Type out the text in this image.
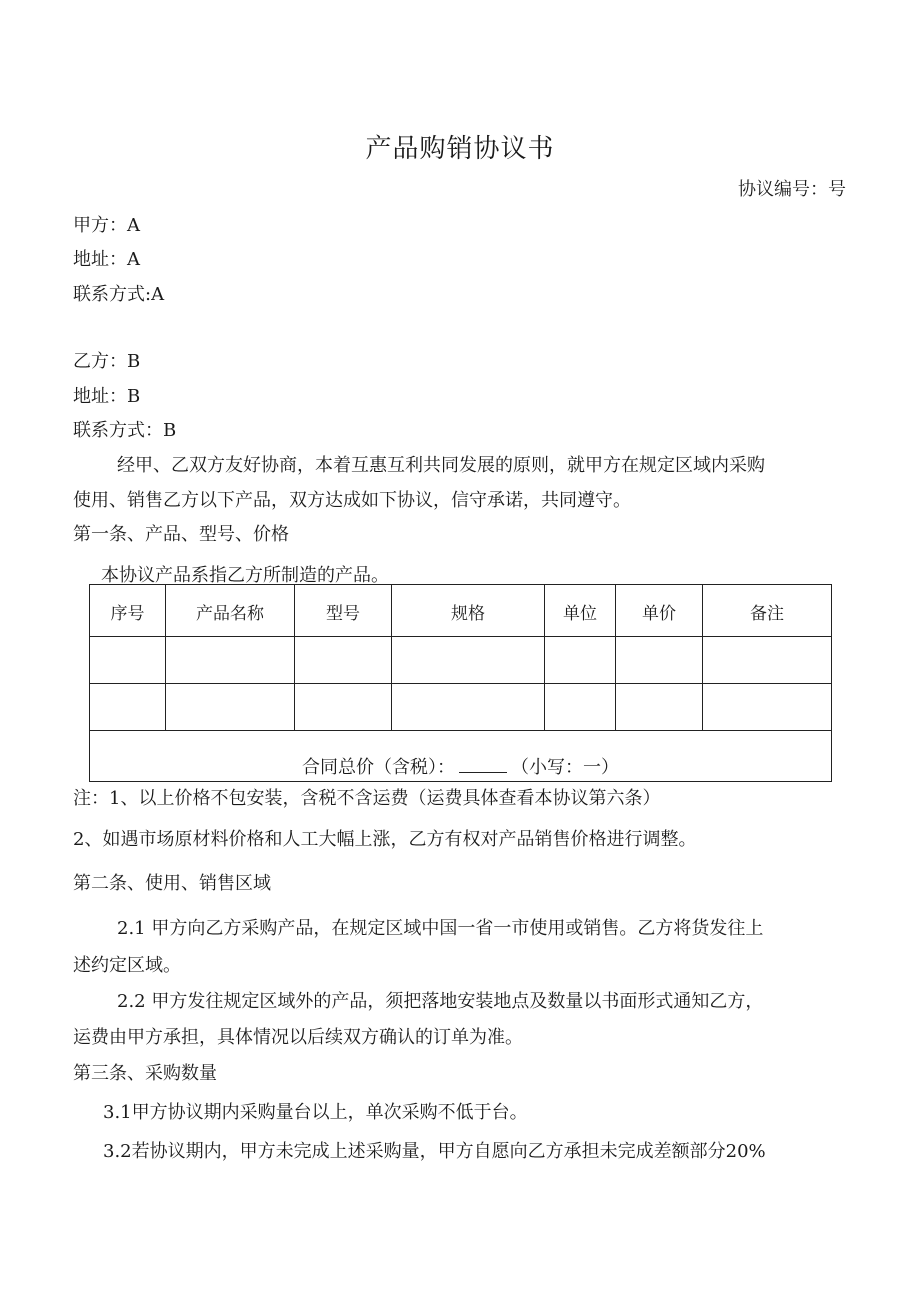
产品购销协议书
协议编号：号
甲方：A
地址：A
联系方式:A
乙方：B
地址：B
联系方式：B
经甲、乙双方友好协商，本着互惠互利共同发展的原则，就甲方在规定区域内采购
使用、销售乙方以下产品，双方达成如下协议，信守承诺，共同遵守。
第一条、产品、型号、价格
本协议产品系指乙方所制造的产品。
序号	产品名称	型号	规格	单位	单价	备注

合同总价（含税）： （小写：一）						
注：1、以上价格不包安装，含税不含运费（运费具体查看本协议第六条）
2、如遇市场原材料价格和人工大幅上涨，乙方有权对产品销售价格进行调整。
第二条、使用、销售区域
2.1 甲方向乙方采购产品，在规定区域中国一省一市使用或销售。乙方将货发往上
述约定区域。
2.2 甲方发往规定区域外的产品，须把落地安装地点及数量以书面形式通知乙方，
运费由甲方承担，具体情况以后续双方确认的订单为准。
第三条、采购数量
3.1甲方协议期内采购量台以上，单次采购不低于台。
3.2若协议期内，甲方未完成上述采购量，甲方自愿向乙方承担未完成差额部分20%
